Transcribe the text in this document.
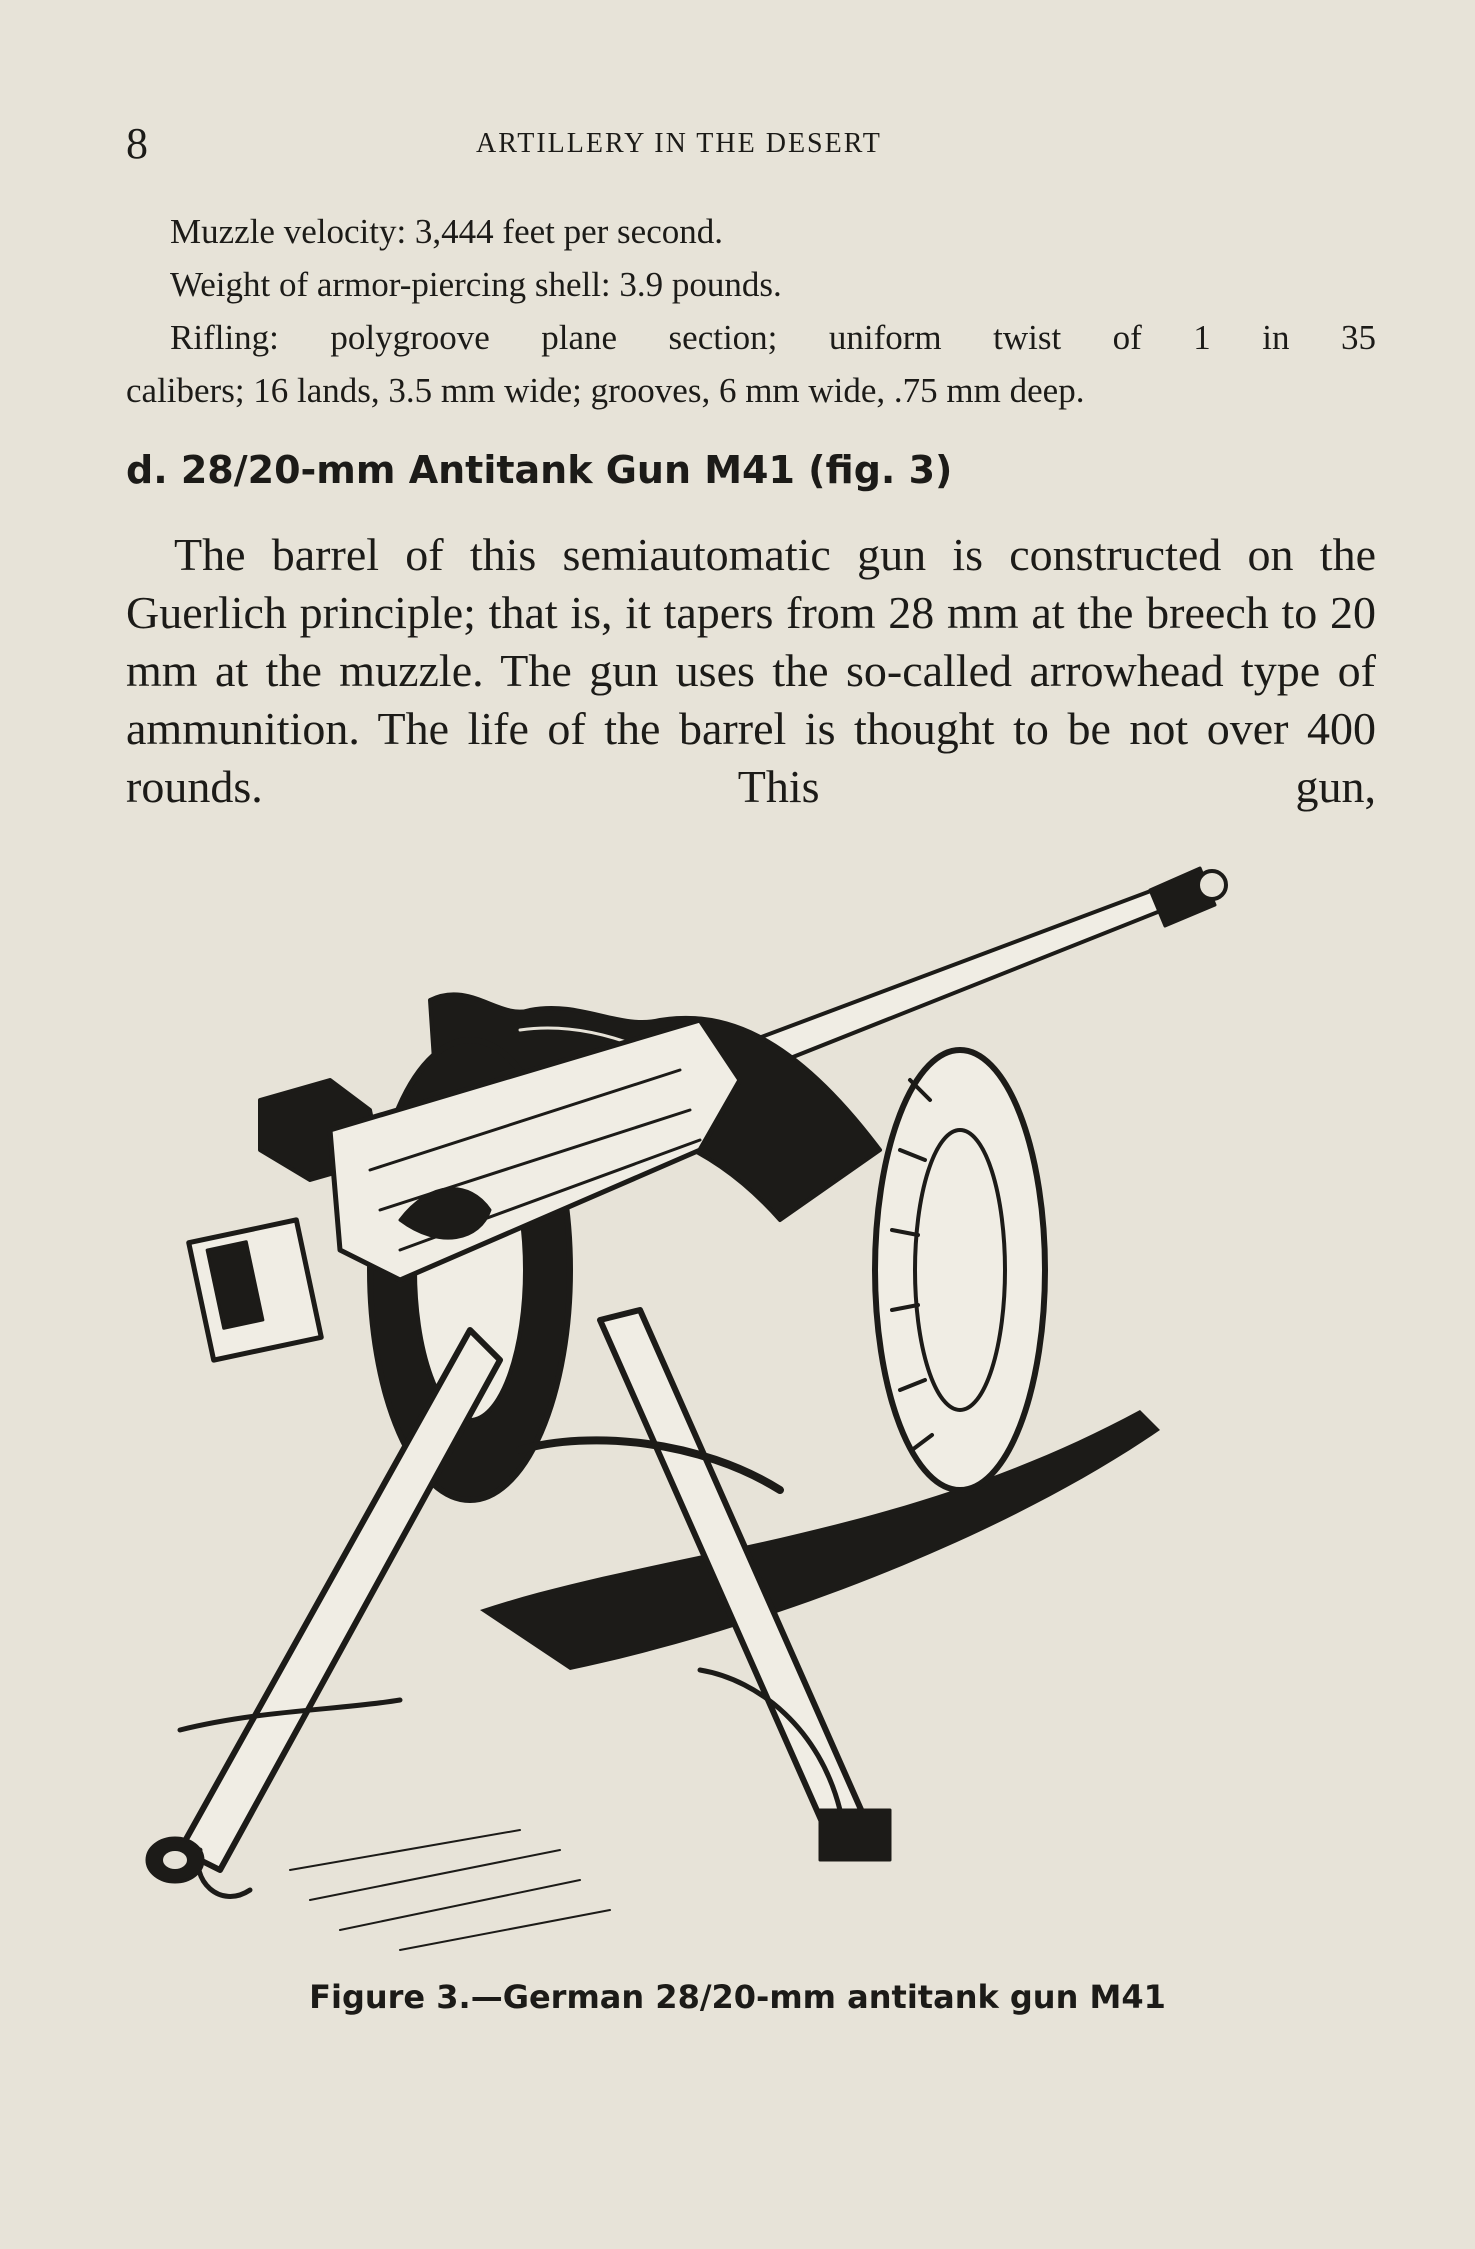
8	ARTILLERY IN THE DESERT

Muzzle velocity: 3,444 feet per second.

Weight of armor-piercing shell: 3.9 pounds.

Rifling: polygroove plane section; uniform twist of 1 in 35

calibers; 16 lands, 3.5 mm wide; grooves, 6 mm wide, .75 mm deep.

d. 28/20-mm Antitank Gun M41 (fig. 3)

The barrel of this semiautomatic gun is constructed on the Guerlich principle; that is, it tapers from 28 mm at the breech to 20 mm at the muzzle. The gun uses the so-called arrowhead type of ammunition. The life of the barrel is thought to be not over 400 rounds. This gun,

Figure 3.—German 28/20-mm antitank gun M41
